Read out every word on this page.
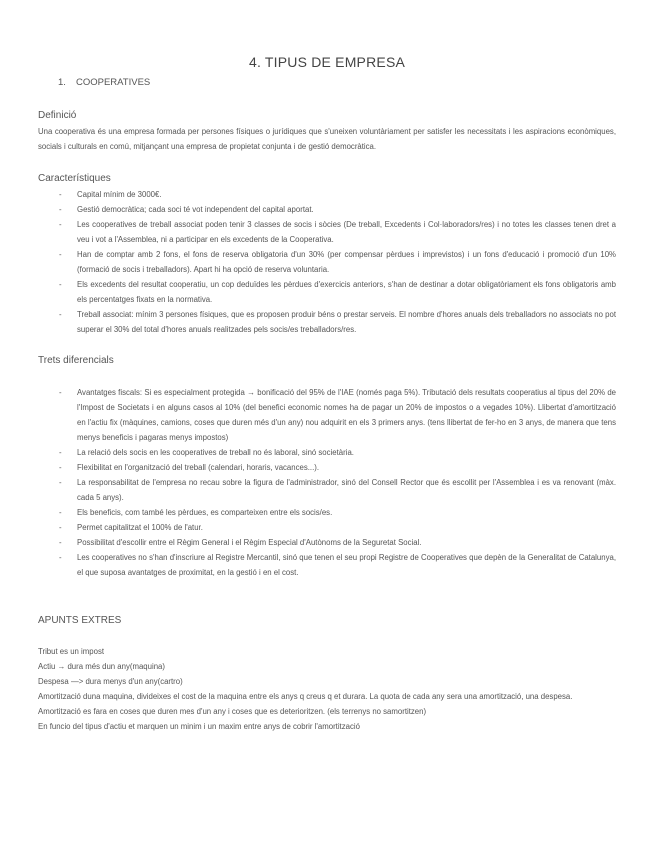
4. TIPUS DE EMPRESA
1. COOPERATIVES
Definició
Una cooperativa és una empresa formada per persones físiques o jurídiques que s'uneixen voluntàriament per satisfer les necessitats i les aspiracions econòmiques, socials i culturals en comú, mitjançant una empresa de propietat conjunta i de gestió democràtica.
Característiques
- Capital mínim de 3000€.
- Gestió democràtica; cada soci té vot independent del capital aportat.
- Les cooperatives de treball associat poden tenir 3 classes de socis i sòcies (De treball, Excedents i Col·laboradors/res) i no totes les classes tenen dret a veu i vot a l'Assemblea, ni a participar en els excedents de la Cooperativa.
- Han de comptar amb 2 fons, el fons de reserva obligatoria d'un 30% (per compensar pèrdues i imprevistos) i un fons d'educació i promoció d'un 10% (formació de socis i treballadors). Apart hi ha opció de reserva voluntaria.
- Els excedents del resultat cooperatiu, un cop deduïdes les pèrdues d'exercicis anteriors, s'han de destinar a dotar obligatòriament els fons obligatoris amb els percentatges fixats en la normativa.
- Treball associat: mínim 3 persones físiques, que es proposen produir béns o prestar serveis. El nombre d'hores anuals dels treballadors no associats no pot superar el 30% del total d'hores anuals realitzades pels socis/es treballadors/res.
Trets diferencials
- Avantatges fiscals: Si es especialment protegida → bonificació del 95% de l'IAE (només paga 5%). Tributació dels resultats cooperatius al tipus del 20% de l'Impost de Societats i en alguns casos al 10% (del benefici economic nomes ha de pagar un 20% de impostos o a vegades 10%). Llibertat d'amortització en l'actiu fix (màquines, camions, coses que duren més d'un any) nou adquirit en els 3 primers anys. (tens llibertat de fer-ho en 3 anys, de manera que tens menys beneficis i pagaras menys impostos)
- La relació dels socis en les cooperatives de treball no és laboral, sinó societària.
- Flexibilitat en l'organització del treball (calendari, horaris, vacances...).
- La responsabilitat de l'empresa no recau sobre la figura de l'administrador, sinó del Consell Rector que és escollit per l'Assemblea i es va renovant (màx. cada 5 anys).
- Els beneficis, com també les pèrdues, es comparteixen entre els socis/es.
- Permet capitalitzat el 100% de l'atur.
- Possibilitat d'escollir entre el Règim General i el Règim Especial d'Autònoms de la Seguretat Social.
- Les cooperatives no s'han d'inscriure al Registre Mercantil, sinó que tenen el seu propi Registre de Cooperatives que depèn de la Generalitat de Catalunya, el que suposa avantatges de proximitat, en la gestió i en el cost.
APUNTS EXTRES
Tribut es un impost
Actiu → dura més dun any(maquina)
Despesa —> dura menys d'un any(cartro)
Amortització duna maquina, divideixes el cost de la maquina entre els anys q creus q et durara. La quota de cada any sera una amortització, una despesa.
Amortització es fara en coses que duren mes d'un any i coses que es deterioritzen. (els terrenys no samortitzen)
En funcio del tipus d'actiu et marquen un minim i un maxim entre anys de cobrir l'amortització
